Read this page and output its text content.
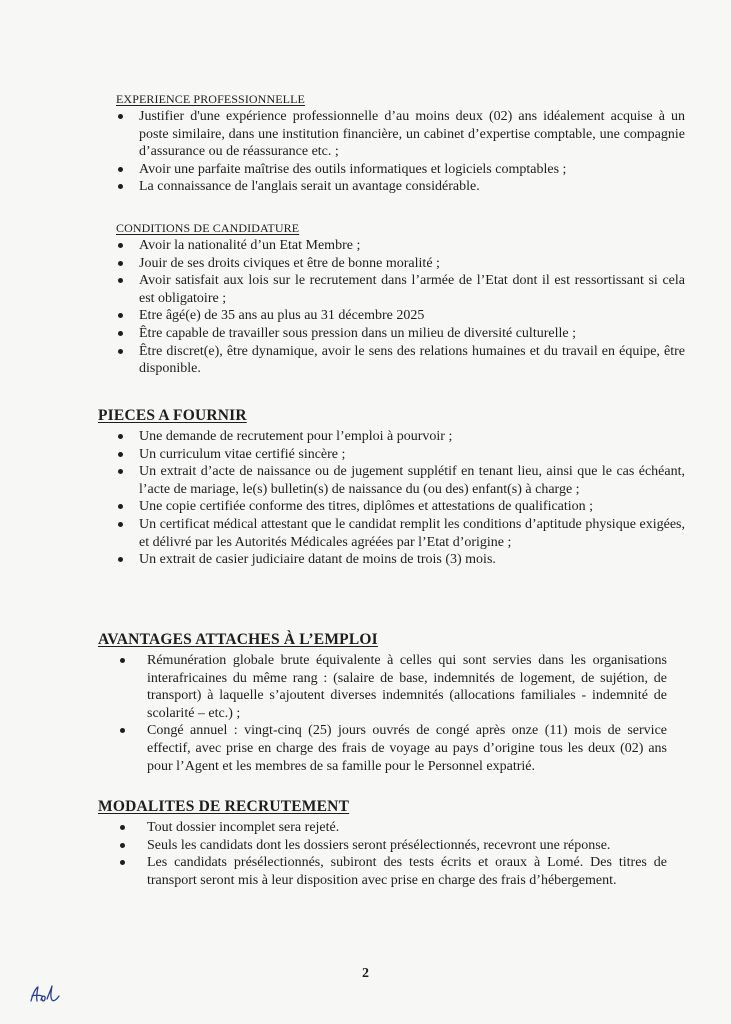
EXPERIENCE PROFESSIONNELLE
Justifier d'une expérience professionnelle d’au moins deux (02) ans idéalement acquise à un poste similaire, dans une institution financière, un cabinet d’expertise comptable, une compagnie d’assurance ou de réassurance etc. ;
Avoir une parfaite maîtrise des outils informatiques et logiciels comptables ;
La connaissance de l'anglais serait un avantage considérable.
CONDITIONS DE CANDIDATURE
Avoir la nationalité d’un Etat Membre ;
Jouir de ses droits civiques et être de bonne moralité ;
Avoir satisfait aux lois sur le recrutement dans l’armée de l’Etat dont il est ressortissant si cela est obligatoire ;
Etre âgé(e) de 35 ans au plus au 31 décembre 2025
Être capable de travailler sous pression dans un milieu de diversité culturelle ;
Être discret(e), être dynamique, avoir le sens des relations humaines et du travail en équipe, être disponible.
PIECES A FOURNIR
Une demande de recrutement pour l’emploi à pourvoir ;
Un curriculum vitae certifié sincère ;
Un extrait d’acte de naissance ou de jugement supplétif en tenant lieu, ainsi que le cas échéant, l’acte de mariage, le(s) bulletin(s) de naissance du (ou des) enfant(s) à charge ;
Une copie certifiée conforme des titres, diplômes et attestations de qualification ;
Un certificat médical attestant que le candidat remplit les conditions d’aptitude physique exigées, et délivré par les Autorités Médicales agréées par l’Etat d’origine ;
Un extrait de casier judiciaire datant de moins de trois (3) mois.
AVANTAGES ATTACHES À L’EMPLOI
Rémunération globale brute équivalente à celles qui sont servies dans les organisations interafricaines du même rang : (salaire de base, indemnités de logement, de sujétion, de transport) à laquelle s’ajoutent diverses indemnités (allocations familiales - indemnité de scolarité – etc.) ;
Congé annuel : vingt-cinq (25) jours ouvrés de congé après onze (11) mois de service effectif, avec prise en charge des frais de voyage au pays d’origine tous les deux (02) ans pour l’Agent et les membres de sa famille pour le Personnel expatrié.
MODALITES DE RECRUTEMENT
Tout dossier incomplet sera rejeté.
Seuls les candidats dont les dossiers seront présélectionnés, recevront une réponse.
Les candidats présélectionnés, subiront des tests écrits et oraux à Lomé. Des titres de transport seront mis à leur disposition avec prise en charge des frais d’hébergement.
2
